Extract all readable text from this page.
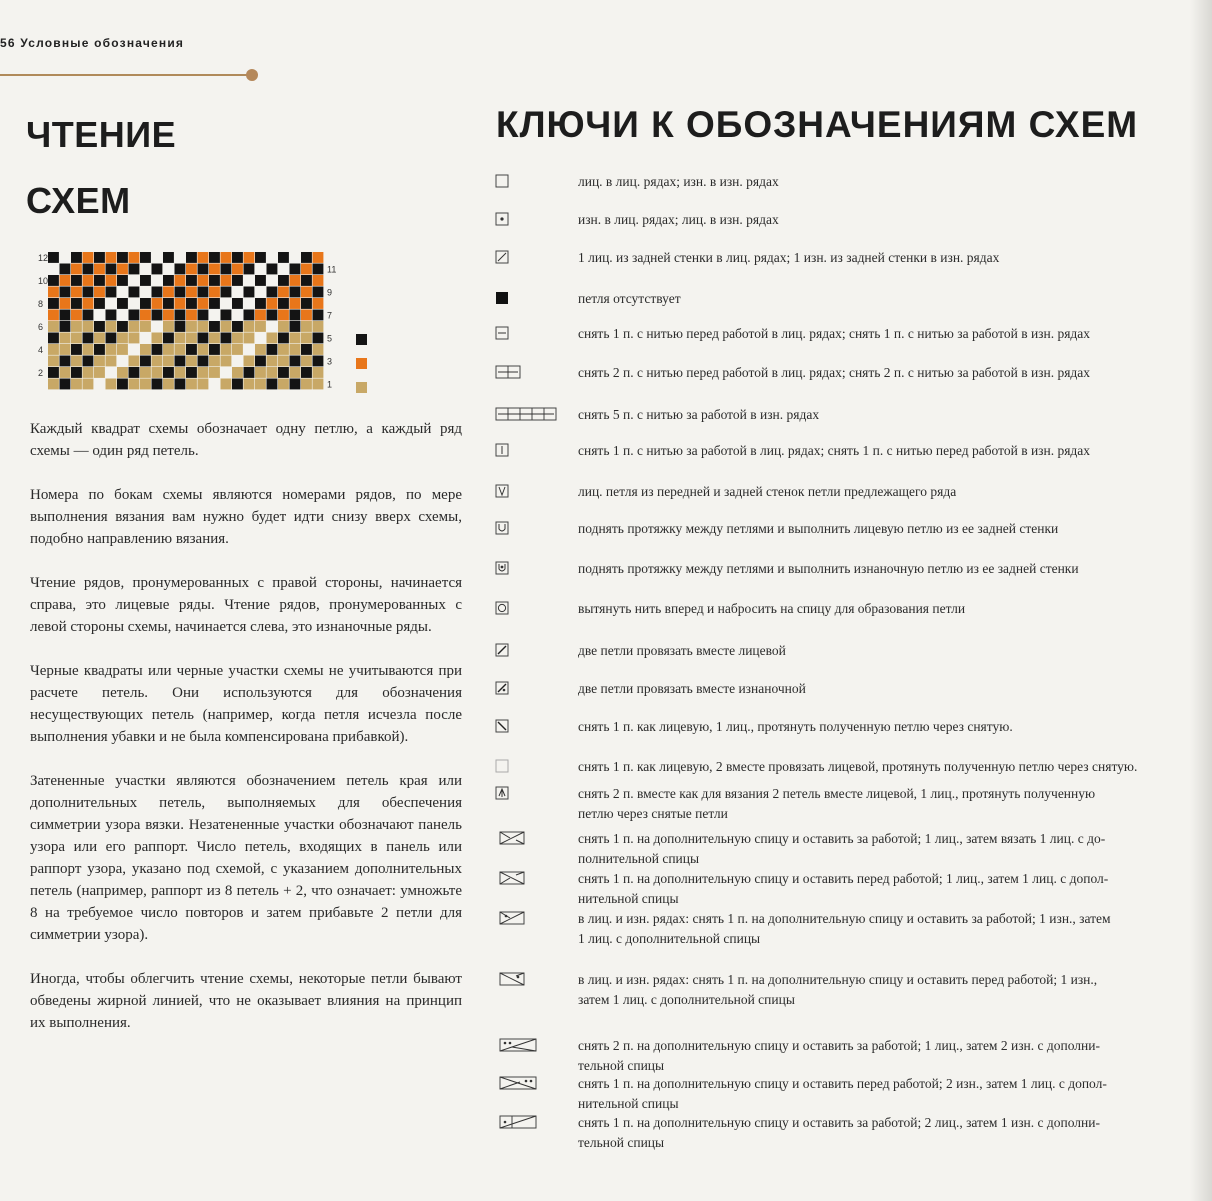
56 Условные обозначения
ЧТЕНИЕ
СХЕМ
12
10
8
6
4
2
11
9
7
5
3
1

Каждый квадрат схемы обозначает одну петлю, а каждый ряд схемы — один ряд петель.

Номера по бокам схемы являются номерами рядов, по мере выполнения вязания вам нужно будет идти снизу вверх схемы, подобно направлению вязания.

Чтение рядов, пронумерованных с правой стороны, начинается справа, это лицевые ряды. Чтение рядов, пронумерованных с левой стороны схемы, начинается слева, это изнаночные ряды.

Черные квадраты или черные участки схемы не учитываются при расчете петель. Они используются для обозначения несуществующих петель (например, когда петля исчезла после выполнения убавки и не была компенсирована прибавкой).

Затененные участки являются обозначением петель края или дополнительных петель, выполняемых для обеспечения симметрии узора вязки. Незатененные участки обозначают панель узора или его раппорт. Число петель, входящих в панель или раппорт узора, указано под схемой, с указанием дополнительных петель (например, раппорт из 8 петель + 2, что означает: умножьте 8 на требуемое число повторов и затем прибавьте 2 петли для симметрии узора).

Иногда, чтобы облегчить чтение схемы, некоторые петли бывают обведены жирной линией, что не оказывает влияния на принцип их выполнения.

КЛЮЧИ К ОБОЗНАЧЕНИЯМ СХЕМ
лиц. в лиц. рядах; изн. в изн. рядах
изн. в лиц. рядах; лиц. в изн. рядах
1 лиц. из задней стенки в лиц. рядах; 1 изн. из задней стенки в изн. рядах
петля отсутствует
снять 1 п. с нитью перед работой в лиц. рядах; снять 1 п. с нитью за работой в изн. рядах
снять 2 п. с нитью перед работой в лиц. рядах; снять 2 п. с нитью за работой в изн. рядах
снять 5 п. с нитью за работой в изн. рядах
снять 1 п. с нитью за работой в лиц. рядах; снять 1 п. с нитью перед работой в изн. рядах
лиц. петля из передней и задней стенок петли предлежащего ряда
поднять протяжку между петлями и выполнить лицевую петлю из ее задней стенки
поднять протяжку между петлями и выполнить изнаночную петлю из ее задней стенки
вытянуть нить вперед и набросить на спицу для образования петли
две петли провязать вместе лицевой
две петли провязать вместе изнаночной
снять 1 п. как лицевую, 1 лиц., протянуть полученную петлю через снятую.
снять 1 п. как лицевую, 2 вместе провязать лицевой, протянуть полученную петлю через снятую.
снять 2 п. вместе как для вязания 2 петель вместе лицевой, 1 лиц., протянуть полученную
петлю через снятые петли
снять 1 п. на дополнительную спицу и оставить за работой; 1 лиц., затем вязать 1 лиц. с до-
полнительной спицы
снять 1 п. на дополнительную спицу и оставить перед работой; 1 лиц., затем 1 лиц. с допол-
нительной спицы
в лиц. и изн. рядах: снять 1 п. на дополнительную спицу и оставить за работой; 1 изн., затем
1 лиц. с дополнительной спицы
в лиц. и изн. рядах: снять 1 п. на дополнительную спицу и оставить перед работой; 1 изн.,
затем 1 лиц. с дополнительной спицы
снять 2 п. на дополнительную спицу и оставить за работой; 1 лиц., затем 2 изн. с дополни-
тельной спицы
снять 1 п. на дополнительную спицу и оставить перед работой; 2 изн., затем 1 лиц. с допол-
нительной спицы
снять 1 п. на дополнительную спицу и оставить за работой; 2 лиц., затем 1 изн. с дополни-
тельной спицы
